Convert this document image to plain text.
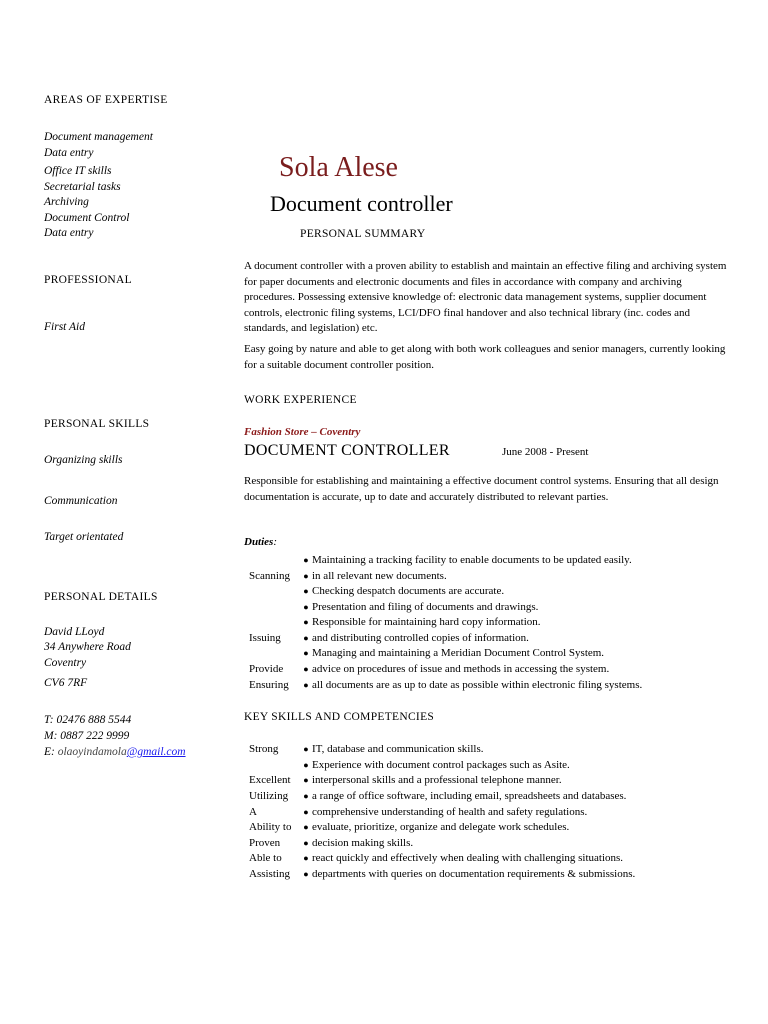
AREAS OF EXPERTISE
Document management
Data entry
Office IT skills
Secretarial tasks
Archiving
Document Control
Data entry
PROFESSIONAL
First Aid
PERSONAL SKILLS
Organizing skills
Communication
Target orientated
PERSONAL DETAILS
David LLoyd
34 Anywhere Road
Coventry
CV6 7RF
T: 02476 888 5544
M: 0887 222 9999
E: olaoyindamola@gmail.com
Sola Alese
Document controller
PERSONAL SUMMARY
A document controller with a proven ability to establish and maintain an effective filing and archiving system for paper documents and electronic documents and files in accordance with company and archiving procedures. Possessing extensive knowledge of: electronic data management systems, supplier document controls, electronic filing systems, LCI/DFO final handover and also technical library (inc. codes and standards, and legislation) etc.
Easy going by nature and able to get along with both work colleagues and senior managers, currently looking for a suitable document controller position.
WORK EXPERIENCE
Fashion Store – Coventry
DOCUMENT CONTROLLER	June 2008 - Present
Responsible for establishing and maintaining a effective document control systems. Ensuring that all design documentation is accurate, up to date and accurately distributed to relevant parties.
Duties:
● Maintaining a tracking facility to enable documents to be updated easily.
Scanning	● in all relevant new documents.
● Checking despatch documents are accurate.
● Presentation and filing of documents and drawings.
● Responsible for maintaining hard copy information.
Issuing	● and distributing controlled copies of information.
● Managing and maintaining a Meridian Document Control System.
Provide	● advice on procedures of issue and methods in accessing the system.
Ensuring	● all documents are as up to date as possible within electronic filing systems.
KEY SKILLS AND COMPETENCIES
Strong	● IT, database and communication skills.
● Experience with document control packages such as Asite.
Excellent	● interpersonal skills and a professional telephone manner.
Utilizing	● a range of office software, including email, spreadsheets and databases.
A	● comprehensive understanding of health and safety regulations.
Ability to	● evaluate, prioritize, organize and delegate work schedules.
Proven	● decision making skills.
Able to	● react quickly and effectively when dealing with challenging situations.
Assisting	● departments with queries on documentation requirements & submissions.
